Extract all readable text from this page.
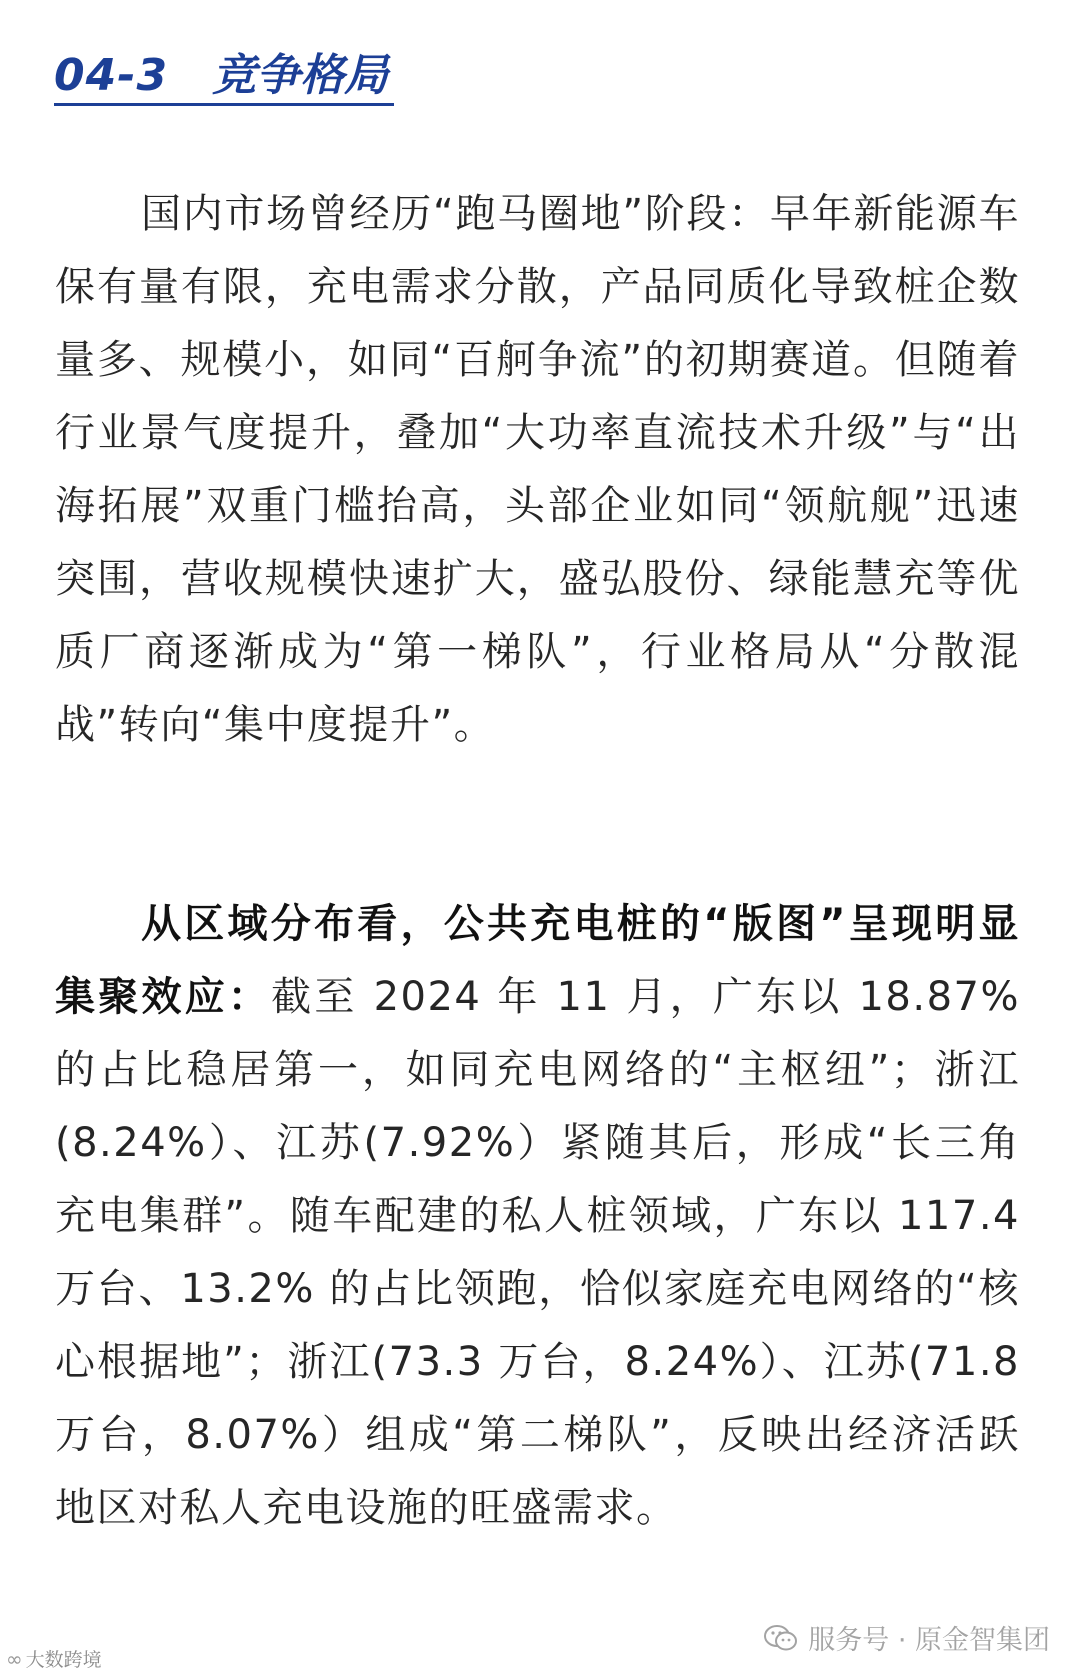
04-3 竞争格局

国内市场曾经历“跑马圈地”阶段：早年新能源车保有量有限，充电需求分散，产品同质化导致桩企数量多、规模小，如同“百舸争流”的初期赛道。但随着行业景气度提升，叠加“大功率直流技术升级”与“出海拓展”双重门槛抬高，头部企业如同“领航舰”迅速突围，营收规模快速扩大，盛弘股份、绿能慧充等优质厂商逐渐成为“第一梯队”，行业格局从“分散混战”转向“集中度提升”。

从区域分布看，公共充电桩的“版图”呈现明显集聚效应：截至 2024 年 11 月，广东以 18.87% 的占比稳居第一，如同充电网络的“主枢纽”；浙江(8.24%）、江苏(7.92%）紧随其后，形成“长三角充电集群”。随车配建的私人桩领域，广东以 117.4 万台、13.2% 的占比领跑，恰似家庭充电网络的“核心根据地”；浙江(73.3 万台，8.24%）、江苏(71.8 万台，8.07%）组成“第二梯队”，反映出经济活跃地区对私人充电设施的旺盛需求。

∞ 大数跨境
服务号 · 原金智集团
